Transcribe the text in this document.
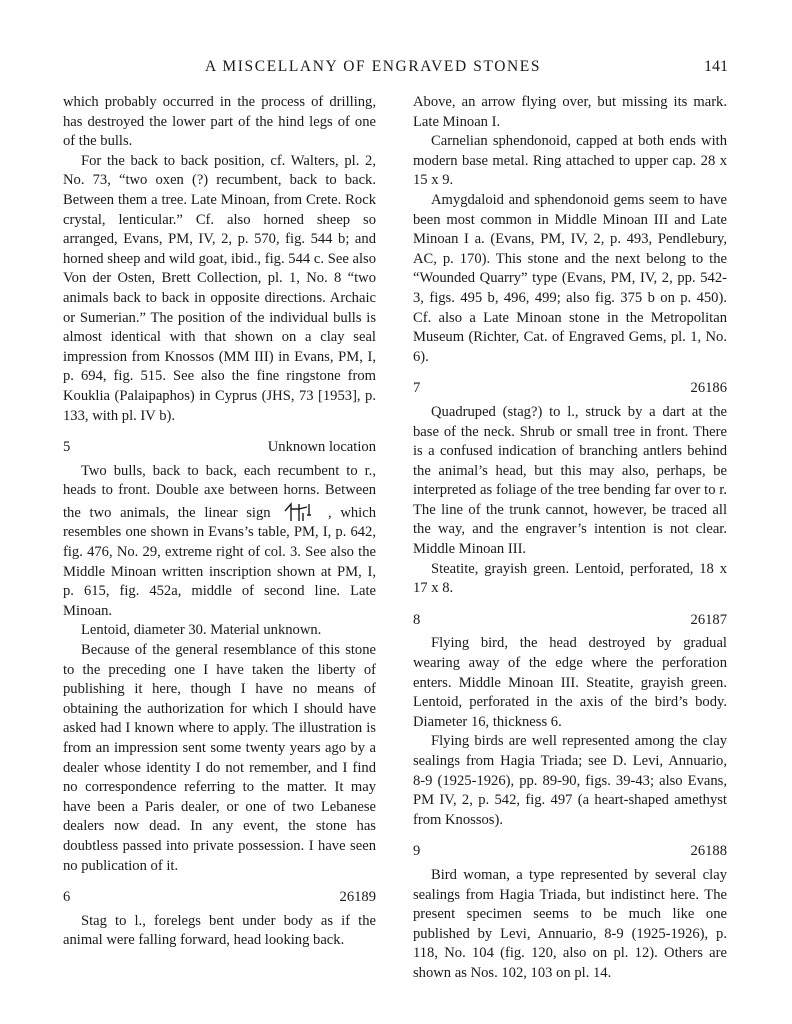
A MISCELLANY OF ENGRAVED STONES	141

which probably occurred in the process of drilling, has destroyed the lower part of the hind legs of one of the bulls.

For the back to back position, cf. Walters, pl. 2, No. 73, “two oxen (?) recumbent, back to back. Between them a tree. Late Minoan, from Crete. Rock crystal, lenticular.” Cf. also horned sheep so arranged, Evans, PM, IV, 2, p. 570, fig. 544 b; and horned sheep and wild goat, ibid., fig. 544 c. See also Von der Osten, Brett Collection, pl. 1, No. 8 “two animals back to back in opposite directions. Archaic or Sumerian.” The position of the individual bulls is almost identical with that shown on a clay seal impression from Knossos (MM III) in Evans, PM, I, p. 694, fig. 515. See also the fine ringstone from Kouklia (Palaipaphos) in Cyprus (JHS, 73 [1953], p. 133, with pl. IV b).

5	Unknown location

Two bulls, back to back, each recumbent to r., heads to front. Double axe between horns. Between the two animals, the linear sign	, which resembles one shown in Evans’s table, PM, I, p. 642, fig. 476, No. 29, extreme right of col. 3. See also the Middle Minoan written inscription shown at PM, I, p. 615, fig. 452a, middle of second line. Late Minoan.

Lentoid, diameter 30. Material unknown.

Because of the general resemblance of this stone to the preceding one I have taken the liberty of publishing it here, though I have no means of obtaining the authorization for which I should have asked had I known where to apply. The illustration is from an impression sent some twenty years ago by a dealer whose identity I do not remember, and I find no correspondence referring to the matter. It may have been a Paris dealer, or one of two Lebanese dealers now dead. In any event, the stone has doubtless passed into private possession. I have seen no publication of it.

6	26189

Stag to l., forelegs bent under body as if the animal were falling forward, head looking back.

Above, an arrow flying over, but missing its mark. Late Minoan I.

Carnelian sphendonoid, capped at both ends with modern base metal. Ring attached to upper cap. 28 x 15 x 9.

Amygdaloid and sphendonoid gems seem to have been most common in Middle Minoan III and Late Minoan I a. (Evans, PM, IV, 2, p. 493, Pendlebury, AC, p. 170). This stone and the next belong to the “Wounded Quarry” type (Evans, PM, IV, 2, pp. 542-3, figs. 495 b, 496, 499; also fig. 375 b on p. 450). Cf. also a Late Minoan stone in the Metropolitan Museum (Richter, Cat. of Engraved Gems, pl. 1, No. 6).

7	26186

Quadruped (stag?) to l., struck by a dart at the base of the neck. Shrub or small tree in front. There is a confused indication of branching antlers behind the animal’s head, but this may also, perhaps, be interpreted as foliage of the tree bending far over to r. The line of the trunk cannot, however, be traced all the way, and the engraver’s intention is not clear. Middle Minoan III.

Steatite, grayish green. Lentoid, perforated, 18 x 17 x 8.

8	26187

Flying bird, the head destroyed by gradual wearing away of the edge where the perforation enters. Middle Minoan III. Steatite, grayish green. Lentoid, perforated in the axis of the bird’s body. Diameter 16, thickness 6.

Flying birds are well represented among the clay sealings from Hagia Triada; see D. Levi, Annuario, 8-9 (1925-1926), pp. 89-90, figs. 39-43; also Evans, PM IV, 2, p. 542, fig. 497 (a heart-shaped amethyst from Knossos).

9	26188

Bird woman, a type represented by several clay sealings from Hagia Triada, but indistinct here. The present specimen seems to be much like one published by Levi, Annuario, 8-9 (1925-1926), p. 118, No. 104 (fig. 120, also on pl. 12). Others are shown as Nos. 102, 103 on pl. 14.
